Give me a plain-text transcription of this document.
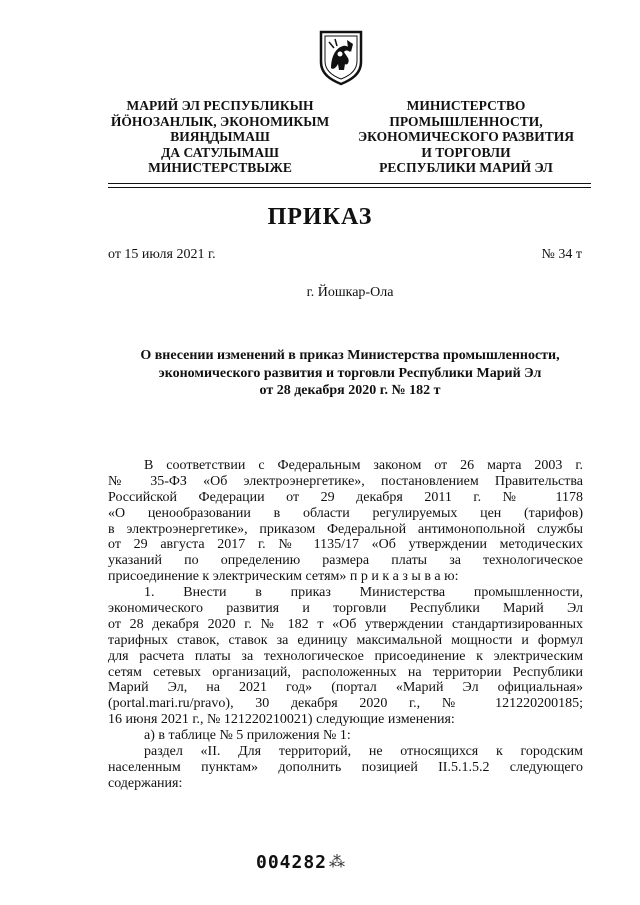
МАРИЙ ЭЛ РЕСПУБЛИКЫН
ЙÖНОЗАНЛЫК, ЭКОНОМИКЫМ
ВИЯҢДЫМАШ
ДА САТУЛЫМАШ
МИНИСТЕРСТВЫЖЕ
МИНИСТЕРСТВО
ПРОМЫШЛЕННОСТИ,
ЭКОНОМИЧЕСКОГО РАЗВИТИЯ
И ТОРГОВЛИ
РЕСПУБЛИКИ МАРИЙ ЭЛ
ПРИКАЗ
от 15 июля 2021 г.	№ 34 т
г. Йошкар-Ола
О внесении изменений в приказ Министерства промышленности,
экономического развития и торговли Республики Марий Эл
от 28 декабря 2020 г. № 182 т
В соответствии с Федеральным законом от 26 марта 2003 г.
№ 35-ФЗ «Об электроэнергетике», постановлением Правительства
Российской Федерации от 29 декабря 2011 г. № 1178
«О ценообразовании в области регулируемых цен (тарифов)
в электроэнергетике», приказом Федеральной антимонопольной службы
от 29 августа 2017 г. № 1135/17 «Об утверждении методических
указаний по определению размера платы за технологическое
присоединение к электрическим сетям» п р и к а з ы в а ю:
1. Внести в приказ Министерства промышленности,
экономического развития и торговли Республики Марий Эл
от 28 декабря 2020 г. № 182 т «Об утверждении стандартизированных
тарифных ставок, ставок за единицу максимальной мощности и формул
для расчета платы за технологическое присоединение к электрическим
сетям сетевых организаций, расположенных на территории Республики
Марий Эл, на 2021 год» (портал «Марий Эл официальная»
(portal.mari.ru/pravo), 30 декабря 2020 г., № 121220200185;
16 июня 2021 г., № 121220210021) следующие изменения:
а) в таблице № 5 приложения № 1:
раздел «II. Для территорий, не относящихся к городским
населенным пунктам» дополнить позицией II.5.1.5.2 следующего
содержания:
004282 ⁂
